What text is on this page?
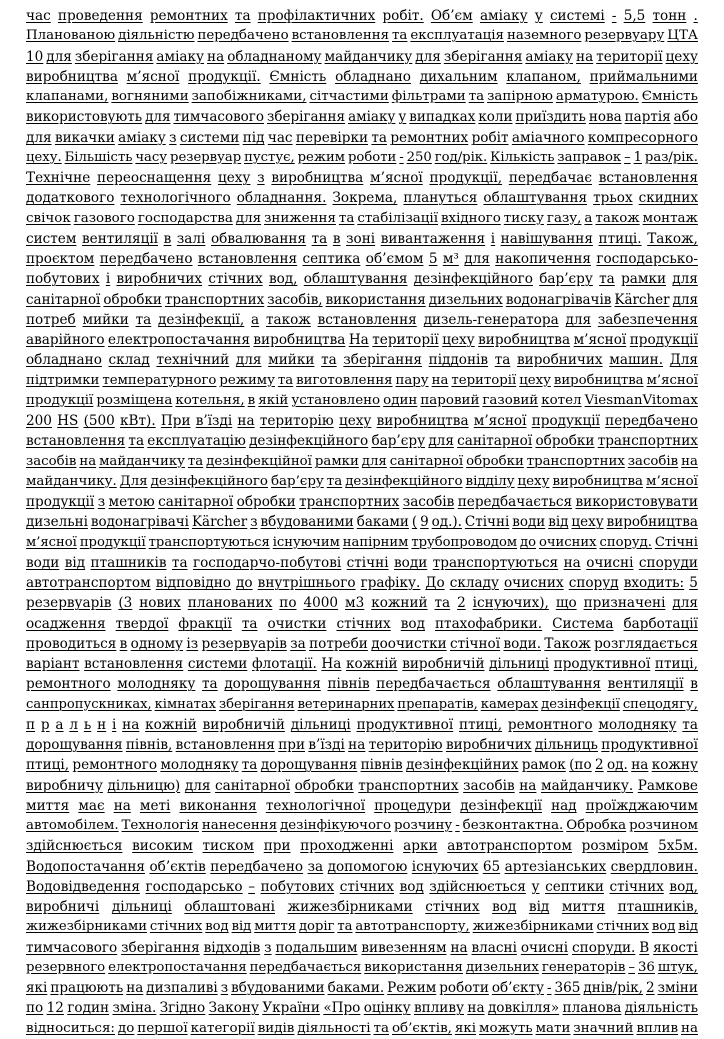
час проведення ремонтних та профілактичних робіт. Об’єм аміаку у системі - 5,5 тонн .
Планованою діяльністю передбачено встановлення та експлуатація наземного резервуару ЦТА
10 для зберігання аміаку на обладнаному майданчику для зберігання аміаку на території цеху
виробництва м’ясної продукції. Ємність обладнано дихальним клапаном, приймальними
клапанами, вогняними запобіжниками, сітчастими фільтрами та запірною арматурою. Ємність
використовують для тимчасового зберігання аміаку у випадках коли приїздить нова партія або
для викачки аміаку з системи під час перевірки та ремонтних робіт аміачного компресорного
цеху. Більшість часу резервуар пустує, режим роботи - 250 год/рік. Кількість заправок – 1 раз/рік.
Технічне переоснащення цеху з виробництва м’ясної продукції, передбачає встановлення
додаткового технологічного обладнання. Зокрема, плануться облаштування трьох скидних
свічок газового господарства для зниження та стабілізації вхідного тиску газу, а також монтаж
систем вентиляції в залі обвалювання та в зоні вивантаження і навішування птиці. Також,
проєктом передбачено встановлення септика об’ємом 5 м³ для накопичення господарсько-
побутових і виробничих стічних вод, облаштування дезінфекційного бар’єру та рамки для
санітарної обробки транспортних засобів, використання дизельних водонагрівачів Kärcher для
потреб мийки та дезінфекції, а також встановлення дизель-генератора для забезпечення
аварійного електропостачання виробництва На території цеху виробництва м’ясної продукції
обладнано склад технічний для мийки та зберігання піддонів та виробничих машин. Для
підтримки температурного режиму та виготовлення пару на території цеху виробництва м’ясної
продукції розміщена котельня, в якій установлено один паровий газовий котел ViesmanVitomax
200 HS (500 кВт). При в’їзді на територію цеху виробництва м’ясної продукції передбачено
встановлення та експлуатацію дезінфекційного бар’єру для санітарної обробки транспортних
засобів на майданчику та дезінфекційної рамки для санітарної обробки транспортних засобів на
майданчику. Для дезінфекційного бар’єру та дезінфекційного відділу цеху виробництва м’ясної
продукції з метою санітарної обробки транспортних засобів передбачається використовувати
дизельні водонагрівачі Kärcher з вбудованими баками ( 9 од.). Стічні води від цеху виробництва
м’ясної продукції транспортуються існуючим напірним трубопроводом до очисних споруд. Стічні
води від пташників та господарчо-побутові стічні води транспортуються на очисні споруди
автотранспортом відповідно до внутрішнього графіку. До складу очисних споруд входить: 5
резервуарів (3 нових планованих по 4000 м3 кожний та 2 існуючих), що призначені для
осадження твердої фракції та очистки стічних вод птахофабрики. Система барботації
проводиться в одному із резервуарів за потреби доочистки стічної води. Також розглядається
варіант встановлення системи флотації. На кожній виробничій дільниці продуктивної птиці,
ремонтного молодняку та дорощування півнів передбачається облаштування вентиляції в
санпропускниках, кімнатах зберігання ветеринарних препаратів, камерах дезінфекції спецодягу,
п р а л ь н і на кожній виробничій дільниці продуктивної птиці, ремонтного молодняку та
дорощування півнів, встановлення при в’їзді на територію виробничих дільниць продуктивної
птиці, ремонтного молодняку та дорощування півнів дезінфекційних рамок (по 2 од. на кожну
виробничу дільницю) для санітарної обробки транспортних засобів на майданчику. Рамкове
миття має на меті виконання технологічної процедури дезінфекції над проїжджаючим
автомобілем. Технологія нанесення дезінфікуючого розчину - безконтактна. Обробка розчином
здійснюється високим тиском при проходженні арки автотранспортом розміром 5х5м.
Водопостачання об’єктів передбачено за допомогою існуючих 65 артезіанських свердловин.
Водовідведення господарсько – побутових стічних вод здійснюється у септики стічних вод,
виробничі дільниці облаштовані жижезбірниками стічних вод від миття пташників,
жижезбірниками стічних вод від миття доріг та автотранспорту, жижезбірниками стічних вод від
тимчасового зберігання відходів з подальшим вивезенням на власні очисні споруди. В якості
резервного електропостачання передбачається використання дизельних генераторів – 36 штук,
які працюють на дизпаливі з вбудованими баками. Режим роботи об’єкту - 365 днів/рік, 2 зміни
по 12 годин зміна. Згідно Закону України «Про оцінку впливу на довкілля» планова діяльність
відноситься: до першої категорії видів діяльності та об’єктів, які можуть мати значний вплив на
